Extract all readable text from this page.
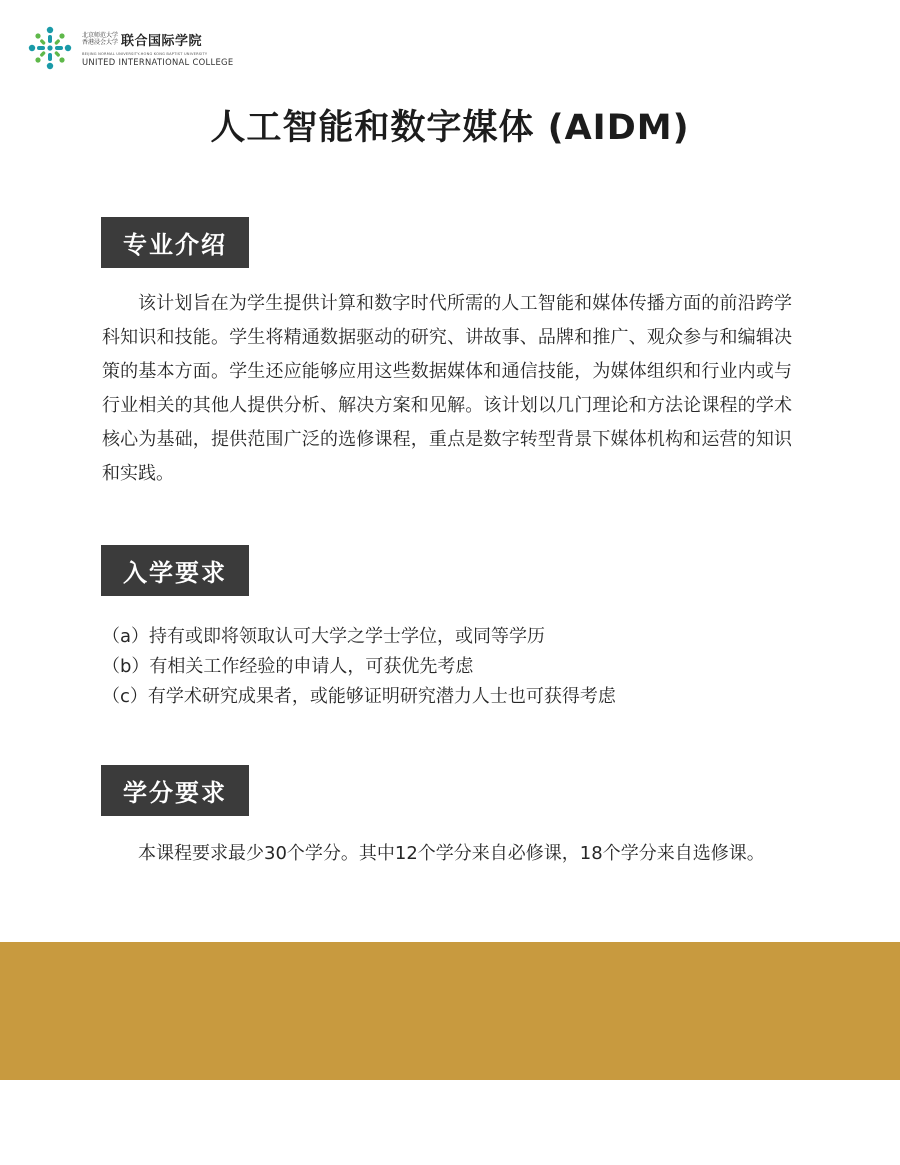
北京师范大学
香港浸会大学 联合国际学院
BEIJING NORMAL UNIVERSITY-HONG KONG BAPTIST UNIVERSITY
UNITED INTERNATIONAL COLLEGE
人工智能和数字媒体 (AIDM)
专业介绍
该计划旨在为学生提供计算和数字时代所需的人工智能和媒体传播方面的前沿跨学科知识和技能。学生将精通数据驱动的研究、讲故事、品牌和推广、观众参与和编辑决策的基本方面。学生还应能够应用这些数据媒体和通信技能，为媒体组织和行业内或与行业相关的其他人提供分析、解决方案和见解。该计划以几门理论和方法论课程的学术核心为基础，提供范围广泛的选修课程，重点是数字转型背景下媒体机构和运营的知识和实践。
入学要求
（a）持有或即将领取认可大学之学士学位，或同等学历
（b）有相关工作经验的申请人，可获优先考虑
（c）有学术研究成果者，或能够证明研究潜力人士也可获得考虑
学分要求
本课程要求最少30个学分。其中12个学分来自必修课，18个学分来自选修课。
